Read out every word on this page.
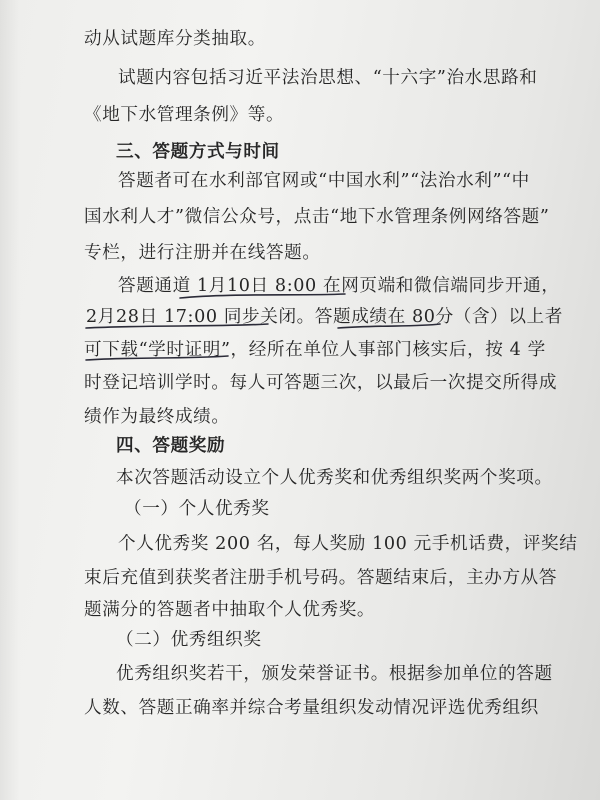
动从试题库分类抽取。
试题内容包括习近平法治思想、“十六字”治水思路和
《地下水管理条例》等。
三、答题方式与时间
答题者可在水利部官网或“中国水利”“法治水利”“中
国水利人才”微信公众号，点击“地下水管理条例网络答题”
专栏，进行注册并在线答题。
答题通道 1月10日 8:00 在网页端和微信端同步开通，
2月28日 17:00 同步关闭。答题成绩在 80分（含）以上者
可下载“学时证明”，经所在单位人事部门核实后，按 4 学
时登记培训学时。每人可答题三次，以最后一次提交所得成
绩作为最终成绩。
四、答题奖励
本次答题活动设立个人优秀奖和优秀组织奖两个奖项。
（一）个人优秀奖
个人优秀奖 200 名，每人奖励 100 元手机话费，评奖结
束后充值到获奖者注册手机号码。答题结束后，主办方从答
题满分的答题者中抽取个人优秀奖。
（二）优秀组织奖
优秀组织奖若干，颁发荣誉证书。根据参加单位的答题
人数、答题正确率并综合考量组织发动情况评选优秀组织
